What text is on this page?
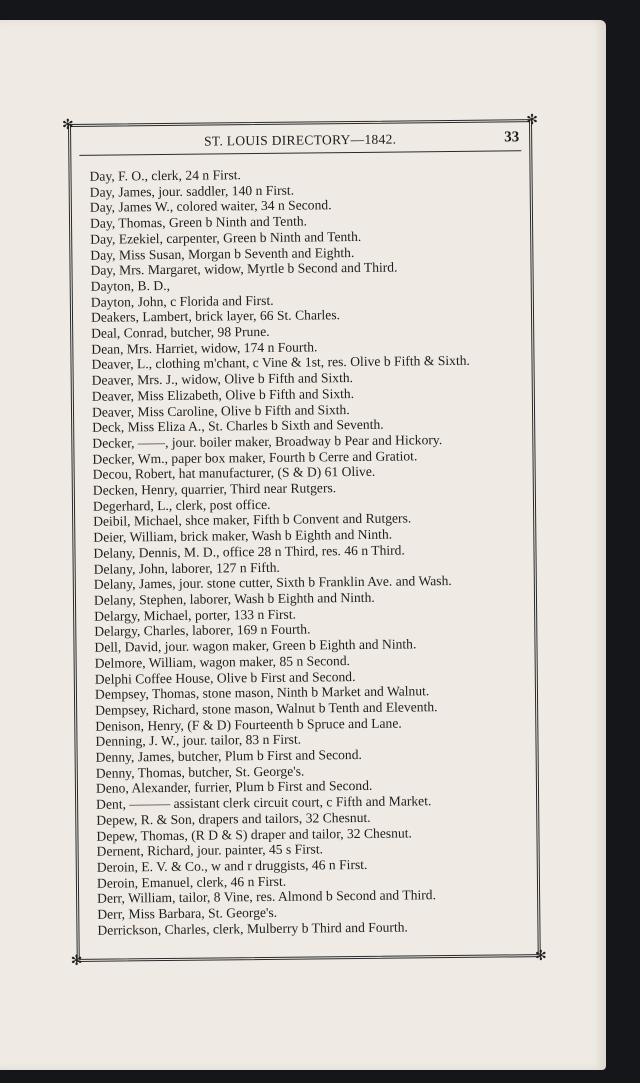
✻	✻
✻	✻
ST. LOUIS DIRECTORY—1842.	33
Day, F. O., clerk, 24 n First.
Day, James, jour. saddler, 140 n First.
Day, James W., colored waiter, 34 n Second.
Day, Thomas, Green b Ninth and Tenth.
Day, Ezekiel, carpenter, Green b Ninth and Tenth.
Day, Miss Susan, Morgan b Seventh and Eighth.
Day, Mrs. Margaret, widow, Myrtle b Second and Third.
Dayton, B. D.,
Dayton, John, c Florida and First.
Deakers, Lambert, brick layer, 66 St. Charles.
Deal, Conrad, butcher, 98 Prune.
Dean, Mrs. Harriet, widow, 174 n Fourth.
Deaver, L., clothing m'chant, c Vine & 1st, res. Olive b Fifth & Sixth.
Deaver, Mrs. J., widow, Olive b Fifth and Sixth.
Deaver, Miss Elizabeth, Olive b Fifth and Sixth.
Deaver, Miss Caroline, Olive b Fifth and Sixth.
Deck, Miss Eliza A., St. Charles b Sixth and Seventh.
Decker, ——, jour. boiler maker, Broadway b Pear and Hickory.
Decker, Wm., paper box maker, Fourth b Cerre and Gratiot.
Decou, Robert, hat manufacturer, (S & D) 61 Olive.
Decken, Henry, quarrier, Third near Rutgers.
Degerhard, L., clerk, post office.
Deibil, Michael, shce maker, Fifth b Convent and Rutgers.
Deier, William, brick maker, Wash b Eighth and Ninth.
Delany, Dennis, M. D., office 28 n Third, res. 46 n Third.
Delany, John, laborer, 127 n Fifth.
Delany, James, jour. stone cutter, Sixth b Franklin Ave. and Wash.
Delany, Stephen, laborer, Wash b Eighth and Ninth.
Delargy, Michael, porter, 133 n First.
Delargy, Charles, laborer, 169 n Fourth.
Dell, David, jour. wagon maker, Green b Eighth and Ninth.
Delmore, William, wagon maker, 85 n Second.
Delphi Coffee House, Olive b First and Second.
Dempsey, Thomas, stone mason, Ninth b Market and Walnut.
Dempsey, Richard, stone mason, Walnut b Tenth and Eleventh.
Denison, Henry, (F & D) Fourteenth b Spruce and Lane.
Denning, J. W., jour. tailor, 83 n First.
Denny, James, butcher, Plum b First and Second.
Denny, Thomas, butcher, St. George's.
Deno, Alexander, furrier, Plum b First and Second.
Dent, ——— assistant clerk circuit court, c Fifth and Market.
Depew, R. & Son, drapers and tailors, 32 Chesnut.
Depew, Thomas, (R D & S) draper and tailor, 32 Chesnut.
Dernent, Richard, jour. painter, 45 s First.
Deroin, E. V. & Co., w and r druggists, 46 n First.
Deroin, Emanuel, clerk, 46 n First.
Derr, William, tailor, 8 Vine, res. Almond b Second and Third.
Derr, Miss Barbara, St. George's.
Derrickson, Charles, clerk, Mulberry b Third and Fourth.
